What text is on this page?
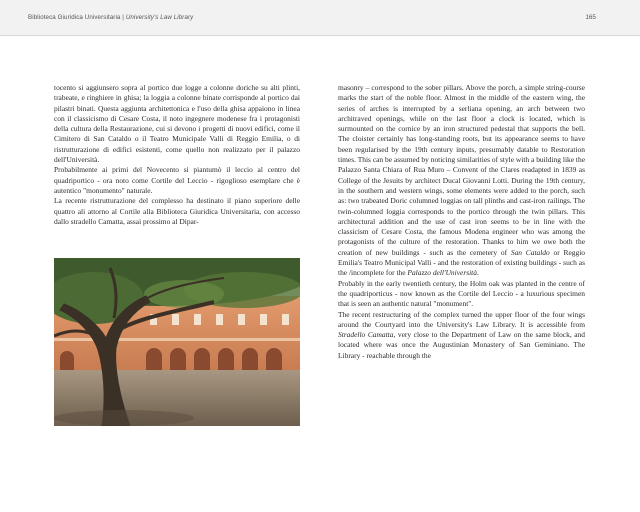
Biblioteca Giuridica Universitaria | University's Law Library	165

tocento si aggiunsero sopra al portico due logge a colonne doriche su alti plinti, trabeate, e ringhiere in ghisa; la loggia a colonne binate corrisponde al portico dai pilastri binati. Questa aggiunta architettonica e l'uso della ghisa appaiono in linea con il classicismo di Cesare Costa, il noto ingegnere modenese fra i protagonisti della cultura della Restaurazione, cui si devono i progetti di nuovi edifici, come il Cimitero di San Cataldo o il Teatro Municipale Valli di Reggio Emilia, o di ristrutturazione di edifici esistenti, come quello non realizzato per il palazzo dell'Università.

Probabilmente ai primi del Novecento si piantumò il leccio al centro del quadriportico - ora noto come Cortile del Leccio - rigoglioso esemplare che è autentico "monumento" naturale.

La recente ristrutturazione del complesso ha destinato il piano superiore delle quattro ali attorno al Cortile alla Biblioteca Giuridica Universitaria, con accesso dallo stradello Camatta, assai prossimo al Dipar-

masonry – correspond to the sober pillars. Above the porch, a simple string-course marks the start of the noble floor. Almost in the middle of the eastern wing, the series of arches is interrupted by a serliana opening, an arch between two architraved openings, while on the last floor a clock is located, which is surmounted on the cornice by an iron structured pedestal that supports the bell. The cloister certainly has long-standing roots, but its appearance seems to have been regularised by the 19th century inputs, presumably datable to Restoration times. This can be assumed by noticing similarities of style with a building like the Palazzo Santa Chiara of Rua Muro – Convent of the Clares readapted in 1839 as College of the Jesuits by architect Ducal Giovanni Lotti. During the 19th century, in the southern and western wings, some elements were added to the porch, such as: two trabeated Doric columned loggias on tall plinths and cast-iron railings. The twin-columned loggia corresponds to the portico through the twin pillars. This architectural addition and the use of cast iron seems to be in line with the classicism of Cesare Costa, the famous Modena engineer who was among the protagonists of the culture of the restoration. Thanks to him we owe both the creation of new buildings - such as the cemetery of San Cataldo or Reggio Emilia's Teatro Municipal Valli - and the restoration of existing buildings - such as the /incomplete for the Palazzo dell'Università.

Probably in the early twentieth century, the Holm oak was planted in the centre of the quadriporticus - now known as the Cortile del Leccio - a luxurious specimen that is seen an authentic natural "monument".

The recent restructuring of the complex turned the upper floor of the four wings around the Courtyard into the University's Law Library. It is accessible from Stradello Camatta, very close to the Department of Law on the same block, and located where was once the Augustinian Monastery of San Geminiano. The Library - reachable through the
